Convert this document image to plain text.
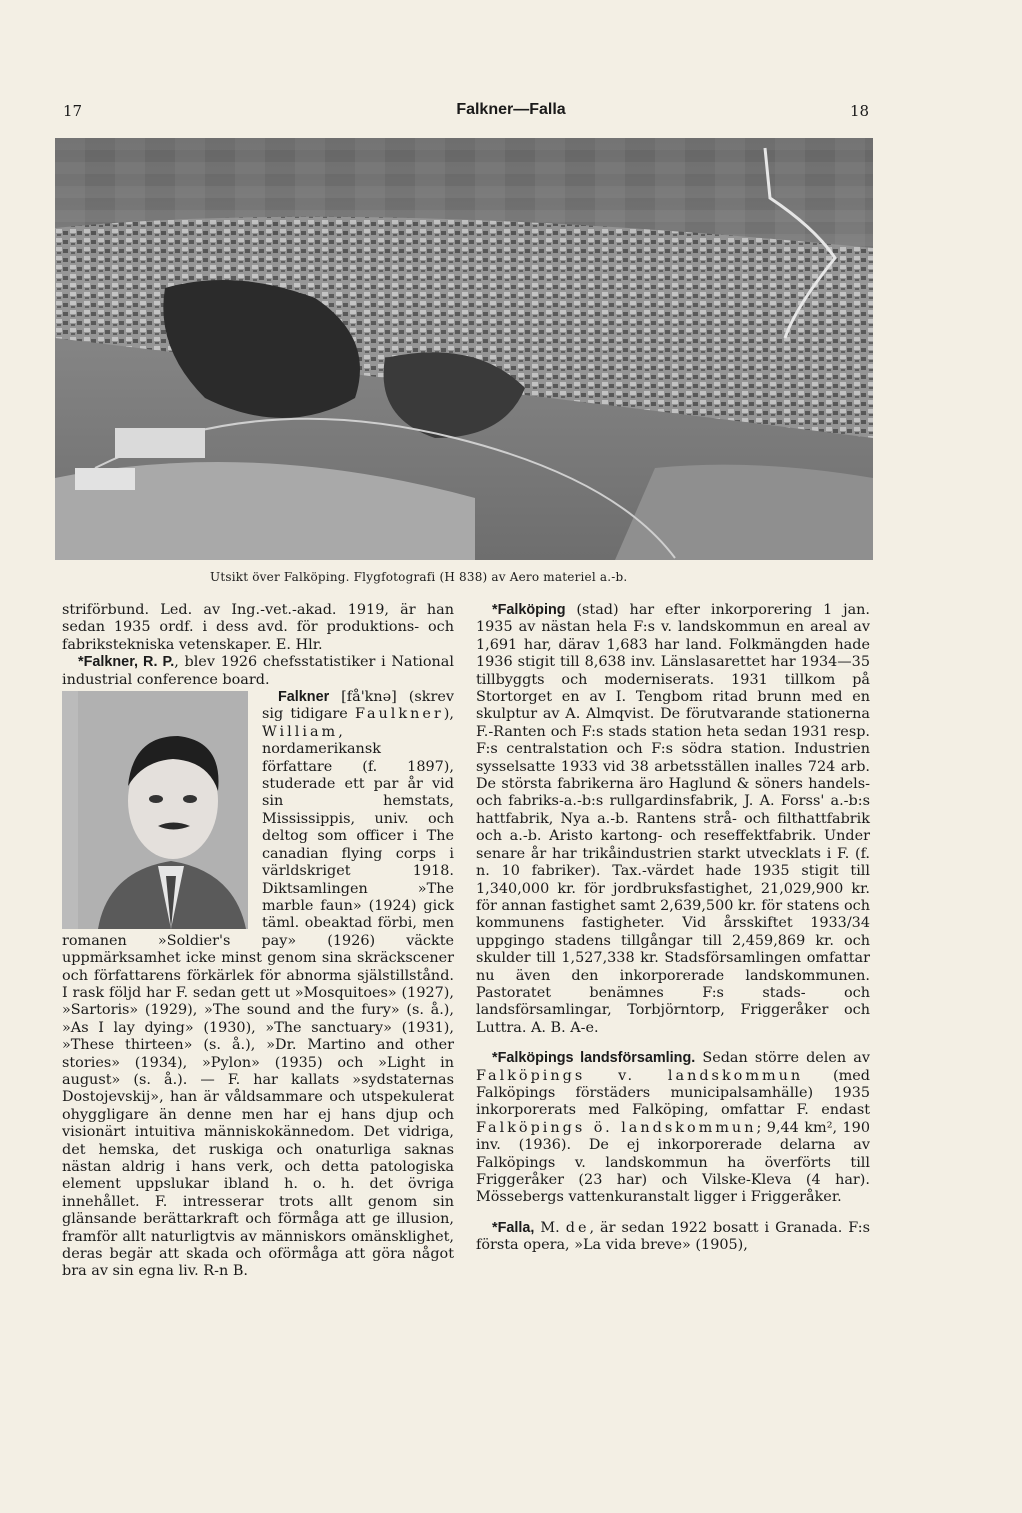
17	Falkner—Falla	18
Utsikt över Falköping. Flygfotografi (H 838) av Aero materiel a.-b.

striförbund. Led. av Ing.-vet.-akad. 1919, är han sedan 1935 ordf. i dess avd. för produktions- och fabrikstekniska vetenskaper. E. Hlr.

*Falkner, R. P., blev 1926 chefsstatistiker i National industrial conference board.

Falkner [få'knə] (skrev sig tidigare Faulkner), William, nordamerikansk författare (f. 1897), studerade ett par år vid sin hemstats, Mississippis, univ. och deltog som officer i The canadian flying corps i världskriget 1918. Diktsamlingen »The marble faun» (1924) gick täml. obeaktad förbi, men romanen »Soldier's pay» (1926) väckte uppmärksamhet icke minst genom sina skräckscener och författarens förkärlek för abnorma själstillstånd. I rask följd har F. sedan gett ut »Mosquitoes» (1927), »Sartoris» (1929), »The sound and the fury» (s. å.), »As I lay dying» (1930), »The sanctuary» (1931), »These thirteen» (s. å.), »Dr. Martino and other stories» (1934), »Pylon» (1935) och »Light in august» (s. å.). — F. har kallats »sydstaternas Dostojevskij», han är våldsammare och utspekulerat ohyggligare än denne men har ej hans djup och visionärt intuitiva människokännedom. Det vidriga, det hemska, det ruskiga och onaturliga saknas nästan aldrig i hans verk, och detta patologiska element uppslukar ibland h. o. h. det övriga innehållet. F. intresserar trots allt genom sin glänsande berättarkraft och förmåga att ge illusion, framför allt naturligtvis av människors omänsklighet, deras begär att skada och oförmåga att göra något bra av sin egna liv. R-n B.

*Falköping (stad) har efter inkorporering 1 jan. 1935 av nästan hela F:s v. landskommun en areal av 1,691 har, därav 1,683 har land. Folkmängden hade 1936 stigit till 8,638 inv. Länslasarettet har 1934—35 tillbyggts och moderniserats. 1931 tillkom på Stortorget en av I. Tengbom ritad brunn med en skulptur av A. Almqvist. De förutvarande stationerna F.-Ranten och F:s stads station heta sedan 1931 resp. F:s centralstation och F:s södra station. Industrien sysselsatte 1933 vid 38 arbetsställen inalles 724 arb. De största fabrikerna äro Haglund & söners handels- och fabriks-a.-b:s rullgardinsfabrik, J. A. Forss' a.-b:s hattfabrik, Nya a.-b. Rantens strå- och filthattfabrik och a.-b. Aristo kartong- och reseffektfabrik. Under senare år har trikåindustrien starkt utvecklats i F. (f. n. 10 fabriker). Tax.-värdet hade 1935 stigit till 1,340,000 kr. för jordbruksfastighet, 21,029,900 kr. för annan fastighet samt 2,639,500 kr. för statens och kommunens fastigheter. Vid årsskiftet 1933/34 uppgingo stadens tillgångar till 2,459,869 kr. och skulder till 1,527,338 kr. Stadsförsamlingen omfattar nu även den inkorporerade landskommunen. Pastoratet benämnes F:s stads- och landsförsamlingar, Torbjörntorp, Friggeråker och Luttra. A. B. A-e.

*Falköpings landsförsamling. Sedan större delen av Falköpings v. landskommun (med Falköpings förstäders municipalsamhälle) 1935 inkorporerats med Falköping, omfattar F. endast Falköpings ö. landskommun; 9,44 km², 190 inv. (1936). De ej inkorporerade delarna av Falköpings v. landskommun ha överförts till Friggeråker (23 har) och Vilske-Kleva (4 har). Mössebergs vattenkuranstalt ligger i Friggeråker.

*Falla, M. de, är sedan 1922 bosatt i Granada. F:s första opera, »La vida breve» (1905),
